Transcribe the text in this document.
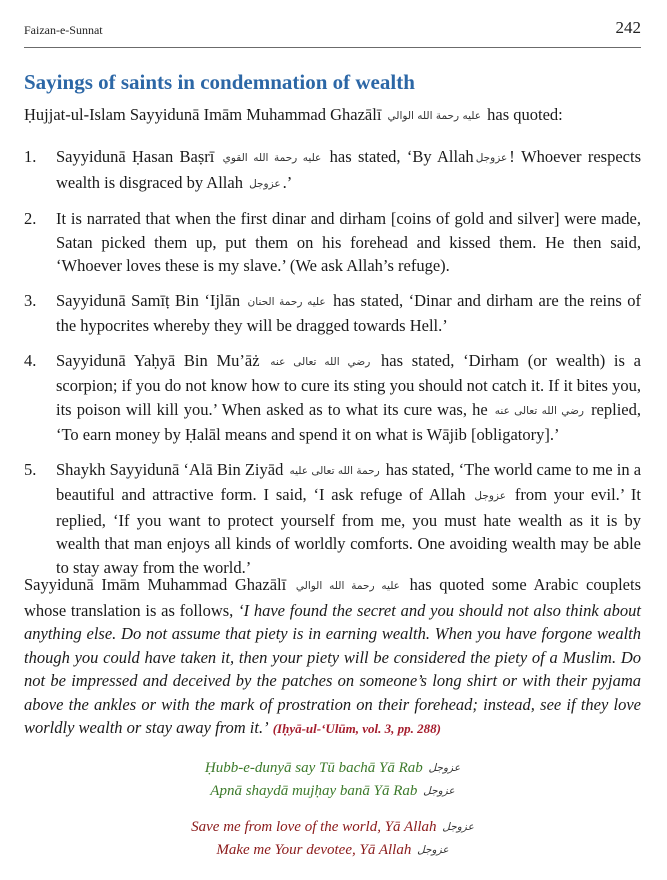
Faizan-e-Sunnat	242
Sayings of saints in condemnation of wealth
Ḥujjat-ul-Islam Sayyidunā Imām Muhammad Ghazālī عليه رحمة الله الوالي has quoted:
1.	Sayyidunā Ḥasan Baṣrī عليه رحمة الله القوي has stated, ‘By Allah عزوجل ! Whoever respects wealth is disgraced by Allah عزوجل .’
2.	It is narrated that when the first dinar and dirham [coins of gold and silver] were made, Satan picked them up, put them on his forehead and kissed them. He then said, ‘Whoever loves these is my slave.’ (We ask Allah’s refuge).
3.	Sayyidunā Samīṭ Bin ‘Ijlān عليه رحمة الحنان has stated, ‘Dinar and dirham are the reins of the hypocrites whereby they will be dragged towards Hell.’
4.	Sayyidunā Yaḥyā Bin Mu’āż رضي الله تعالى عنه has stated, ‘Dirham (or wealth) is a scorpion; if you do not know how to cure its sting you should not catch it. If it bites you, its poison will kill you.’ When asked as to what its cure was, he رضي الله تعالى عنه replied, ‘To earn money by Ḥalāl means and spend it on what is Wājib [obligatory].’
5.	Shaykh Sayyidunā ‘Alā Bin Ziyād رحمة الله تعالى عليه has stated, ‘The world came to me in a beautiful and attractive form. I said, ‘I ask refuge of Allah عزوجل from your evil.’ It replied, ‘If you want to protect yourself from me, you must hate wealth as it is by wealth that man enjoys all kinds of worldly comforts. One avoiding wealth may be able to stay away from the world.’
Sayyidunā Imām Muhammad Ghazālī عليه رحمة الله الوالي has quoted some Arabic couplets whose translation is as follows, ‘I have found the secret and you should not also think about anything else. Do not assume that piety is in earning wealth. When you have forgone wealth though you could have taken it, then your piety will be considered the piety of a Muslim. Do not be impressed and deceived by the patches on someone’s long shirt or with their pyjama above the ankles or with the mark of prostration on their forehead; instead, see if they love worldly wealth or stay away from it.’ (Iḥyā-ul-‘Ulūm, vol. 3, pp. 288)
Ḥubb-e-dunyā say Tū bachā Yā Rab عزوجل
Apnā shaydā mujḥay banā Yā Rab عزوجل
Save me from love of the world, Yā Allah عزوجل
Make me Your devotee, Yā Allah عزوجل
